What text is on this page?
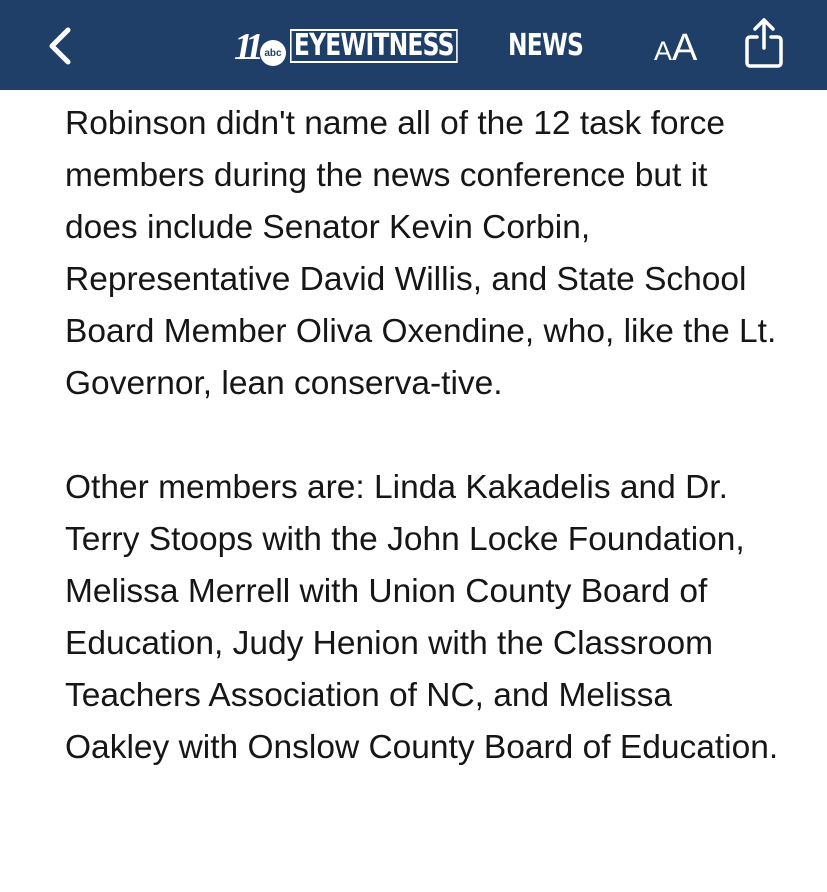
11 abc EYEWITNESS NEWS	A A

Robinson didn't name all of the 12 task force members during the news conference but it does include Senator Kevin Corbin, Representative David Willis, and State School Board Member Oliva Oxendine, who, like the Lt. Governor, lean conserva-tive.

Other members are: Linda Kakadelis and Dr. Terry Stoops with the John Locke Foundation, Melissa Merrell with Union County Board of Education, Judy Henion with the Classroom Teachers Association of NC, and Melissa Oakley with Onslow County Board of Education.
